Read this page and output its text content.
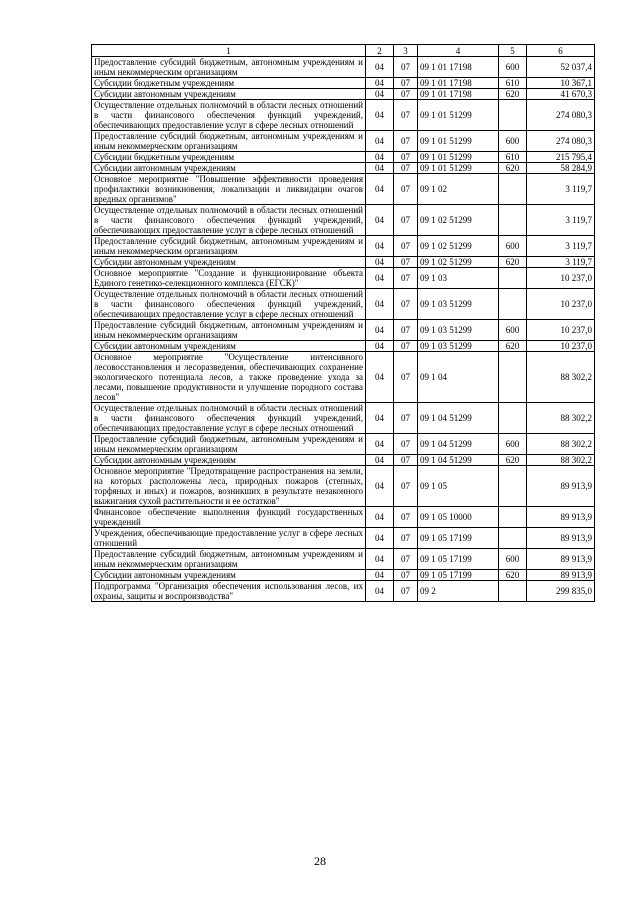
1	2	3	4	5	6
Предоставление субсидий бюджетным, автономным учреждениям и иным некоммерческим организациям	04	07	09 1 01 17198	600	52 037,4
Субсидии бюджетным учреждениям	04	07	09 1 01 17198	610	10 367,1
Субсидии автономным учреждениям	04	07	09 1 01 17198	620	41 670,3
Осуществление отдельных полномочий в области лесных отношений в части финансового обеспечения функций учреждений, обеспечивающих предоставление услуг в сфере лесных отношений	04	07	09 1 01 51299		274 080,3
Предоставление субсидий бюджетным, автономным учреждениям и иным некоммерческим организациям	04	07	09 1 01 51299	600	274 080,3
Субсидии бюджетным учреждениям	04	07	09 1 01 51299	610	215 795,4
Субсидии автономным учреждениям	04	07	09 1 01 51299	620	58 284,9
Основное мероприятие "Повышение эффективности проведения профилактики возникновения, локализации и ликвидации очагов вредных организмов"	04	07	09 1 02		3 119,7
Осуществление отдельных полномочий в области лесных отношений в части финансового обеспечения функций учреждений, обеспечивающих предоставление услуг в сфере лесных отношений	04	07	09 1 02 51299		3 119,7
Предоставление субсидий бюджетным, автономным учреждениям и иным некоммерческим организациям	04	07	09 1 02 51299	600	3 119,7
Субсидии автономным учреждениям	04	07	09 1 02 51299	620	3 119,7
Основное мероприятие "Создание и функционирование объекта Единого генетико-селекционного комплекса (ЕГСК)"	04	07	09 1 03		10 237,0
Осуществление отдельных полномочий в области лесных отношений в части финансового обеспечения функций учреждений, обеспечивающих предоставление услуг в сфере лесных отношений	04	07	09 1 03 51299		10 237,0
Предоставление субсидий бюджетным, автономным учреждениям и иным некоммерческим организациям	04	07	09 1 03 51299	600	10 237,0
Субсидии автономным учреждениям	04	07	09 1 03 51299	620	10 237,0
Основное мероприятие "Осуществление интенсивного лесовосстановления и лесоразведения, обеспечивающих сохранение экологического потенциала лесов, а также проведение ухода за лесами, повышение продуктивности и улучшение породного состава лесов"	04	07	09 1 04		88 302,2
Осуществление отдельных полномочий в области лесных отношений в части финансового обеспечения функций учреждений, обеспечивающих предоставление услуг в сфере лесных отношений	04	07	09 1 04 51299		88 302,2
Предоставление субсидий бюджетным, автономным учреждениям и иным некоммерческим организациям	04	07	09 1 04 51299	600	88 302,2
Субсидии автономным учреждениям	04	07	09 1 04 51299	620	88 302,2
Основное мероприятие "Предотвращение распространения на земли, на которых расположены леса, природных пожаров (степных, торфяных и иных) и пожаров, возникших в результате незаконного выжигания сухой растительности и ее остатков"	04	07	09 1 05		89 913,9
Финансовое обеспечение выполнения функций государственных учреждений	04	07	09 1 05 10000		89 913,9
Учреждения, обеспечивающие предоставление услуг в сфере лесных отношений	04	07	09 1 05 17199		89 913,9
Предоставление субсидий бюджетным, автономным учреждениям и иным некоммерческим организациям	04	07	09 1 05 17199	600	89 913,9
Субсидии автономным учреждениям	04	07	09 1 05 17199	620	89 913,9
Подпрограмма "Организация обеспечения использования лесов, их охраны, защиты и воспроизводства"	04	07	09 2		299 835,0
28
